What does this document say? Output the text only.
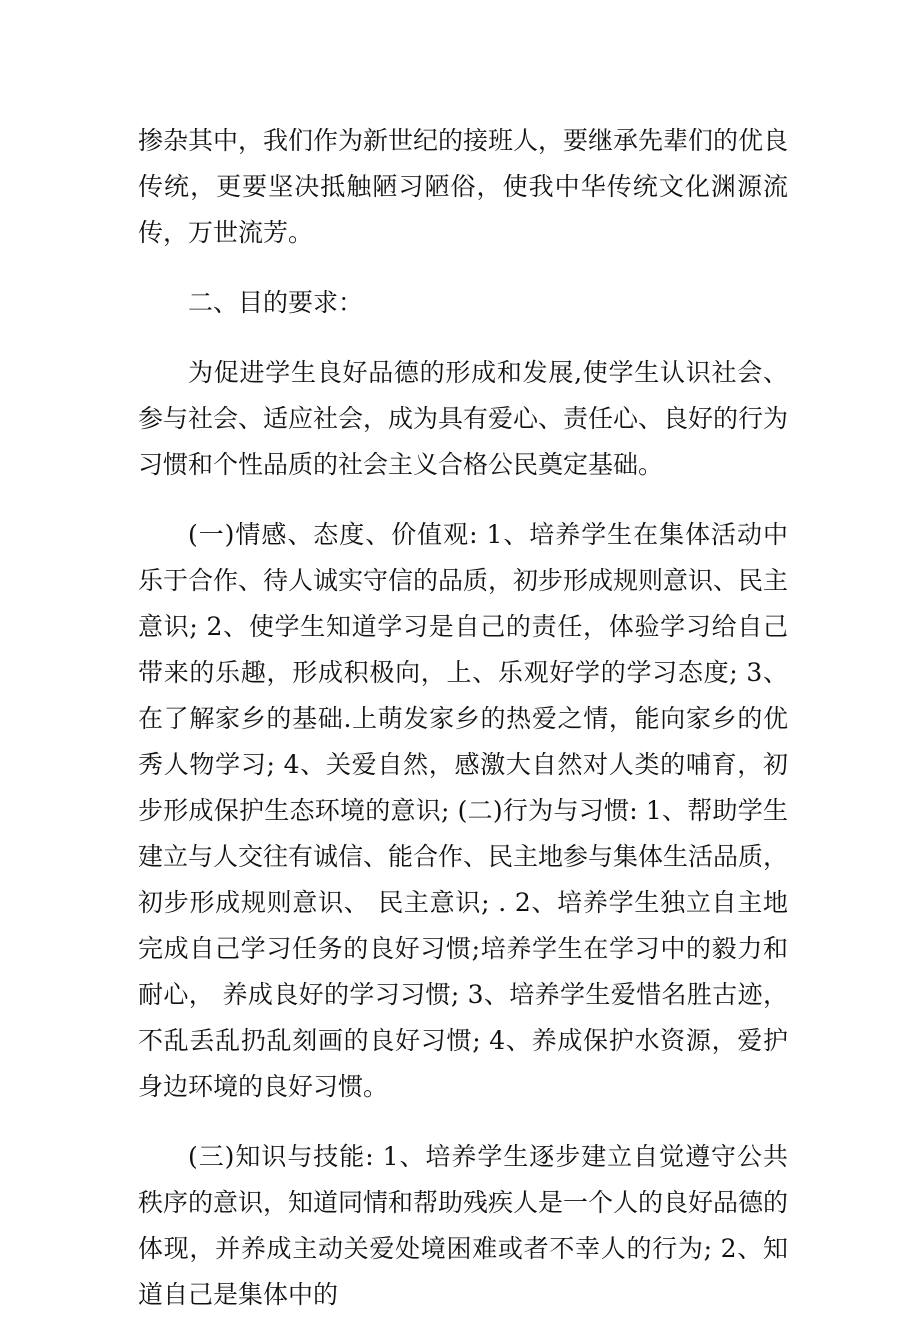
掺杂其中，我们作为新世纪的接班人，要继承先辈们的优良传统，更要坚决抵触陋习陋俗，使我中华传统文化渊源流传，万世流芳。

二、目的要求：

为促进学生良好品德的形成和发展,使学生认识社会、参与社会、适应社会，成为具有爱心、责任心、良好的行为习惯和个性品质的社会主义合格公民奠定基础。

(一)情感、态度、价值观: 1、培养学生在集体活动中乐于合作、待人诚实守信的品质，初步形成规则意识、民主意识; 2、使学生知道学习是自己的责任，体验学习给自己带来的乐趣，形成积极向，上、乐观好学的学习态度; 3、在了解家乡的基础.上萌发家乡的热爱之情，能向家乡的优秀人物学习; 4、关爱自然，感激大自然对人类的哺育，初步形成保护生态环境的意识; (二)行为与习惯: 1、帮助学生建立与人交往有诚信、能合作、民主地参与集体生活品质，初步形成规则意识、 民主意识; . 2、培养学生独立自主地完成自己学习任务的良好习惯;培养学生在学习中的毅力和耐心， 养成良好的学习习惯; 3、培养学生爱惜名胜古迹，不乱丢乱扔乱刻画的良好习惯; 4、养成保护水资源，爱护身边环境的良好习惯。

(三)知识与技能: 1、培养学生逐步建立自觉遵守公共秩序的意识，知道同情和帮助残疾人是一个人的良好品德的体现，并养成主动关爱处境困难或者不幸人的行为; 2、知道自己是集体中的
